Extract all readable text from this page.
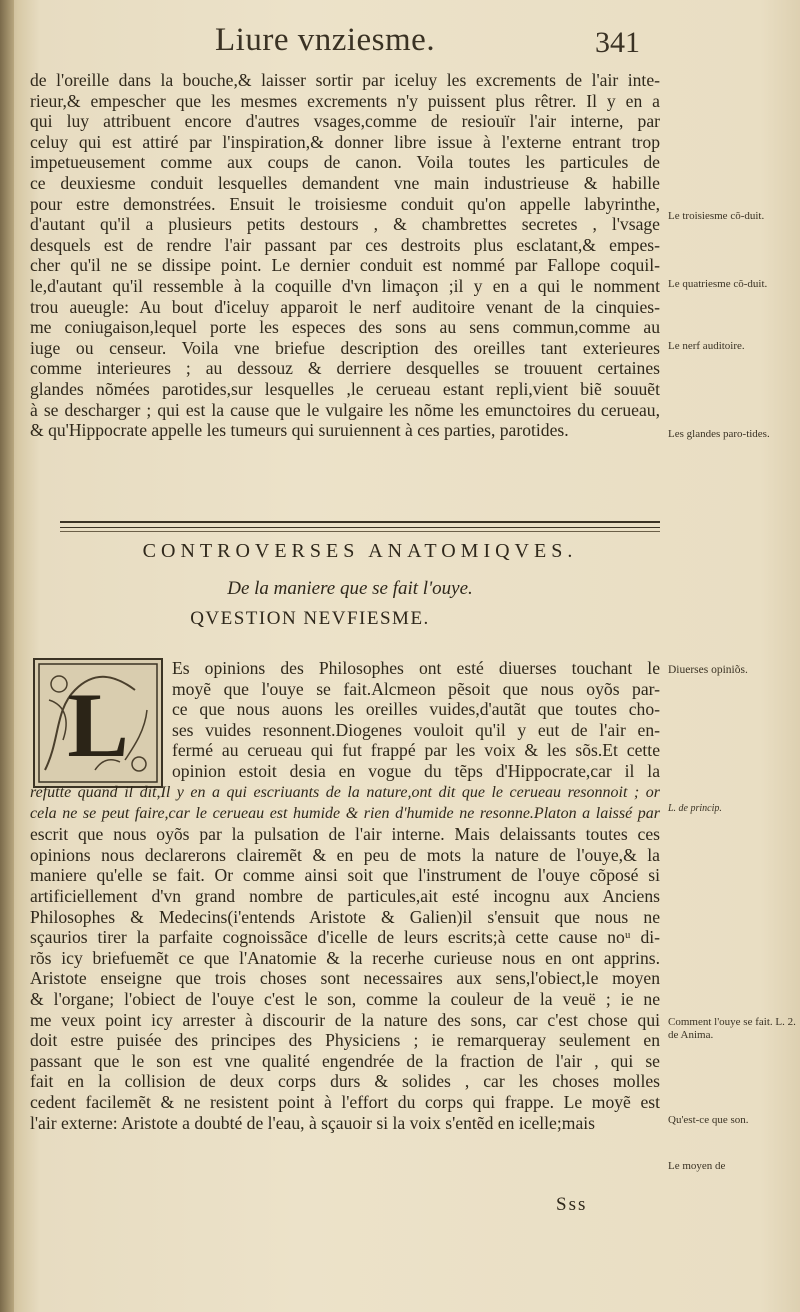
Liure vnziesme.	341
de l'oreille dans la bouche,& laisser sortir par iceluy les excrements de l'air inte-
rieur,& empescher que les mesmes excrements n'y puissent plus rêtrer. Il y en a
qui luy attribuent encore d'autres vsages,comme de resiouïr l'air interne, par
celuy qui est attiré par l'inspiration,& donner libre issue à l'externe entrant trop
impetueusement comme aux coups de canon. Voila toutes les particules de
ce deuxiesme conduit lesquelles demandent vne main industrieuse & habille
pour estre demonstrées. Ensuit le troisiesme conduit qu'on appelle labyrinthe,
d'autant qu'il a plusieurs petits destours , & chambrettes secretes , l'vsage
desquels est de rendre l'air passant par ces destroits plus esclatant,& empes-
cher qu'il ne se dissipe point. Le dernier conduit est nommé par Fallope coquil-
le,d'autant qu'il ressemble à la coquille d'vn limaçon ;il y en a qui le nomment
trou aueugle: Au bout d'iceluy apparoit le nerf auditoire venant de la cinquies-
me coniugaison,lequel porte les especes des sons au sens commun,comme au
iuge ou censeur. Voila vne briefue description des oreilles tant exterieures
comme interieures ; au dessouz & derriere desquelles se trouuent certaines
glandes nõmées parotides,sur lesquelles ,le cerueau estant repli,vient biẽ souuẽt
à se descharger ; qui est la cause que le vulgaire les nõme les emunctoires du cerueau,
& qu'Hippocrate appelle les tumeurs qui suruiennent à ces parties, parotides.
CONTROVERSES ANATOMIQVES.
De la maniere que se fait l'ouye.
QVESTION NEVFIESME.
L
Es opinions des Philosophes ont esté diuerses touchant le
moyẽ que l'ouye se fait.Alcmeon pẽsoit que nous oyõs par-
ce que nous auons les oreilles vuides,d'autãt que toutes cho-
ses vuides resonnent.Diogenes vouloit qu'il y eut de l'air en-
fermé au cerueau qui fut frappé par les voix & les sõs.Et cette
opinion estoit desia en vogue du tẽps d'Hippocrate,car il la
refutte quand il dit,Il y en a qui escriuants de la nature,ont dit que le cerueau resonnoit ; or
cela ne se peut faire,car le cerueau est humide & rien d'humide ne resonne.Platon a laissé par
escrit que nous oyõs par la pulsation de l'air interne. Mais delaissants toutes ces
opinions nous declarerons clairemẽt & en peu de mots la nature de l'ouye,& la
maniere qu'elle se fait. Or comme ainsi soit que l'instrument de l'ouye cõposé si
artificiellement d'vn grand nombre de particules,ait esté incognu aux Anciens
Philosophes & Medecins(i'entends Aristote & Galien)il s'ensuit que nous ne
sçaurios tirer la parfaite cognoissãce d'icelle de leurs escrits;à cette cause noᵘ di-
rõs icy briefuemẽt ce que l'Anatomie & la recerhe curieuse nous en ont apprins.
Aristote enseigne que trois choses sont necessaires aux sens,l'obiect,le moyen
& l'organe; l'obiect de l'ouye c'est le son, comme la couleur de la veuë ; ie ne
me veux point icy arrester à discourir de la nature des sons, car c'est chose qui
doit estre puisée des principes des Physiciens ; ie remarqueray seulement en
passant que le son est vne qualité engendrée de la fraction de l'air , qui se
fait en la collision de deux corps durs & solides , car les choses molles
cedent facilemẽt & ne resistent point à l'effort du corps qui frappe. Le moyẽ est
l'air externe: Aristote a doubté de l'eau, à sçauoir si la voix s'entẽd en icelle;mais
Le troisiesme cõ-duit.
Le quatriesme cõ-duit.
Le nerf auditoire.
Les glandes paro-tides.
Diuerses opiniõs.
L. de princip.
Comment l'ouye se fait. L. 2. de Anima.
Qu'est-ce que son.
Le moyen de
Sss
